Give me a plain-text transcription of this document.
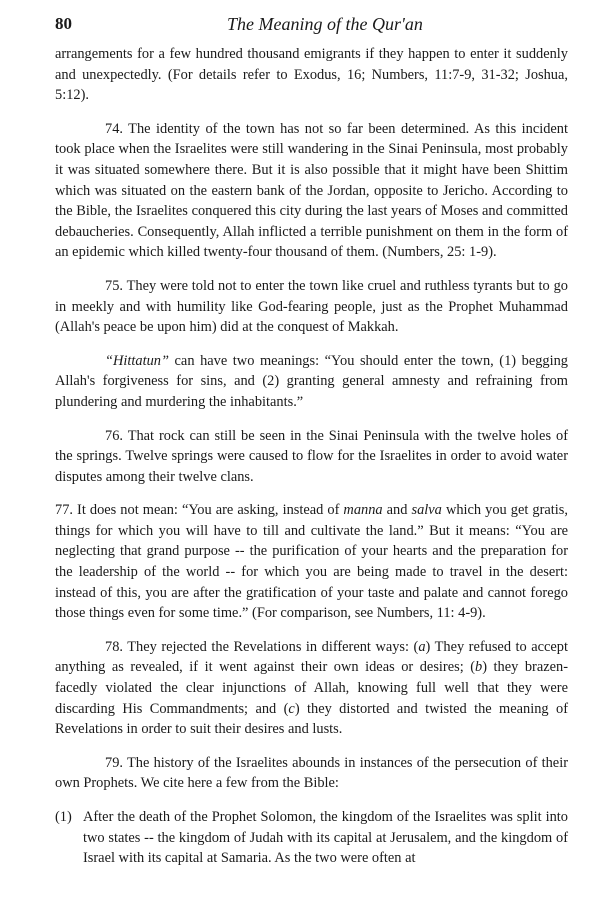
80	The Meaning of the Qur'an

arrangements for a few hundred thousand emigrants if they happen to enter it suddenly and unexpectedly. (For details refer to Exodus, 16; Numbers, 11:7-9, 31-32; Joshua, 5:12).

74. The identity of the town has not so far been determined. As this incident took place when the Israelites were still wandering in the Sinai Peninsula, most probably it was situated somewhere there. But it is also possible that it might have been Shittim which was situated on the eastern bank of the Jordan, opposite to Jericho. According to the Bible, the Israelites conquered this city during the last years of Moses and committed debaucheries. Consequently, Allah inflicted a terrible punishment on them in the form of an epidemic which killed twenty-four thousand of them. (Numbers, 25: 1-9).

75. They were told not to enter the town like cruel and ruthless tyrants but to go in meekly and with humility like God-fearing people, just as the Prophet Muhammad (Allah's peace be upon him) did at the conquest of Makkah.

“Hittatun” can have two meanings: “You should enter the town, (1) begging Allah's forgiveness for sins, and (2) granting general amnesty and refraining from plundering and murdering the inhabitants.”

76. That rock can still be seen in the Sinai Peninsula with the twelve holes of the springs. Twelve springs were caused to flow for the Israelites in order to avoid water disputes among their twelve clans.

77. It does not mean: “You are asking, instead of manna and salva which you get gratis, things for which you will have to till and cultivate the land.” But it means: “You are neglecting that grand purpose -- the purification of your hearts and the preparation for the leadership of the world -- for which you are being made to travel in the desert: instead of this, you are after the gratification of your taste and palate and cannot forego those things even for some time.” (For comparison, see Numbers, 11: 4-9).

78. They rejected the Revelations in different ways: (a) They refused to accept anything as revealed, if it went against their own ideas or desires; (b) they brazen-facedly violated the clear injunctions of Allah, knowing full well that they were discarding His Commandments; and (c) they distorted and twisted the meaning of Revelations in order to suit their desires and lusts.

79. The history of the Israelites abounds in instances of the persecution of their own Prophets. We cite here a few from the Bible:

(1) After the death of the Prophet Solomon, the kingdom of the Israelites was split into two states -- the kingdom of Judah with its capital at Jerusalem, and the kingdom of Israel with its capital at Samaria. As the two were often at
